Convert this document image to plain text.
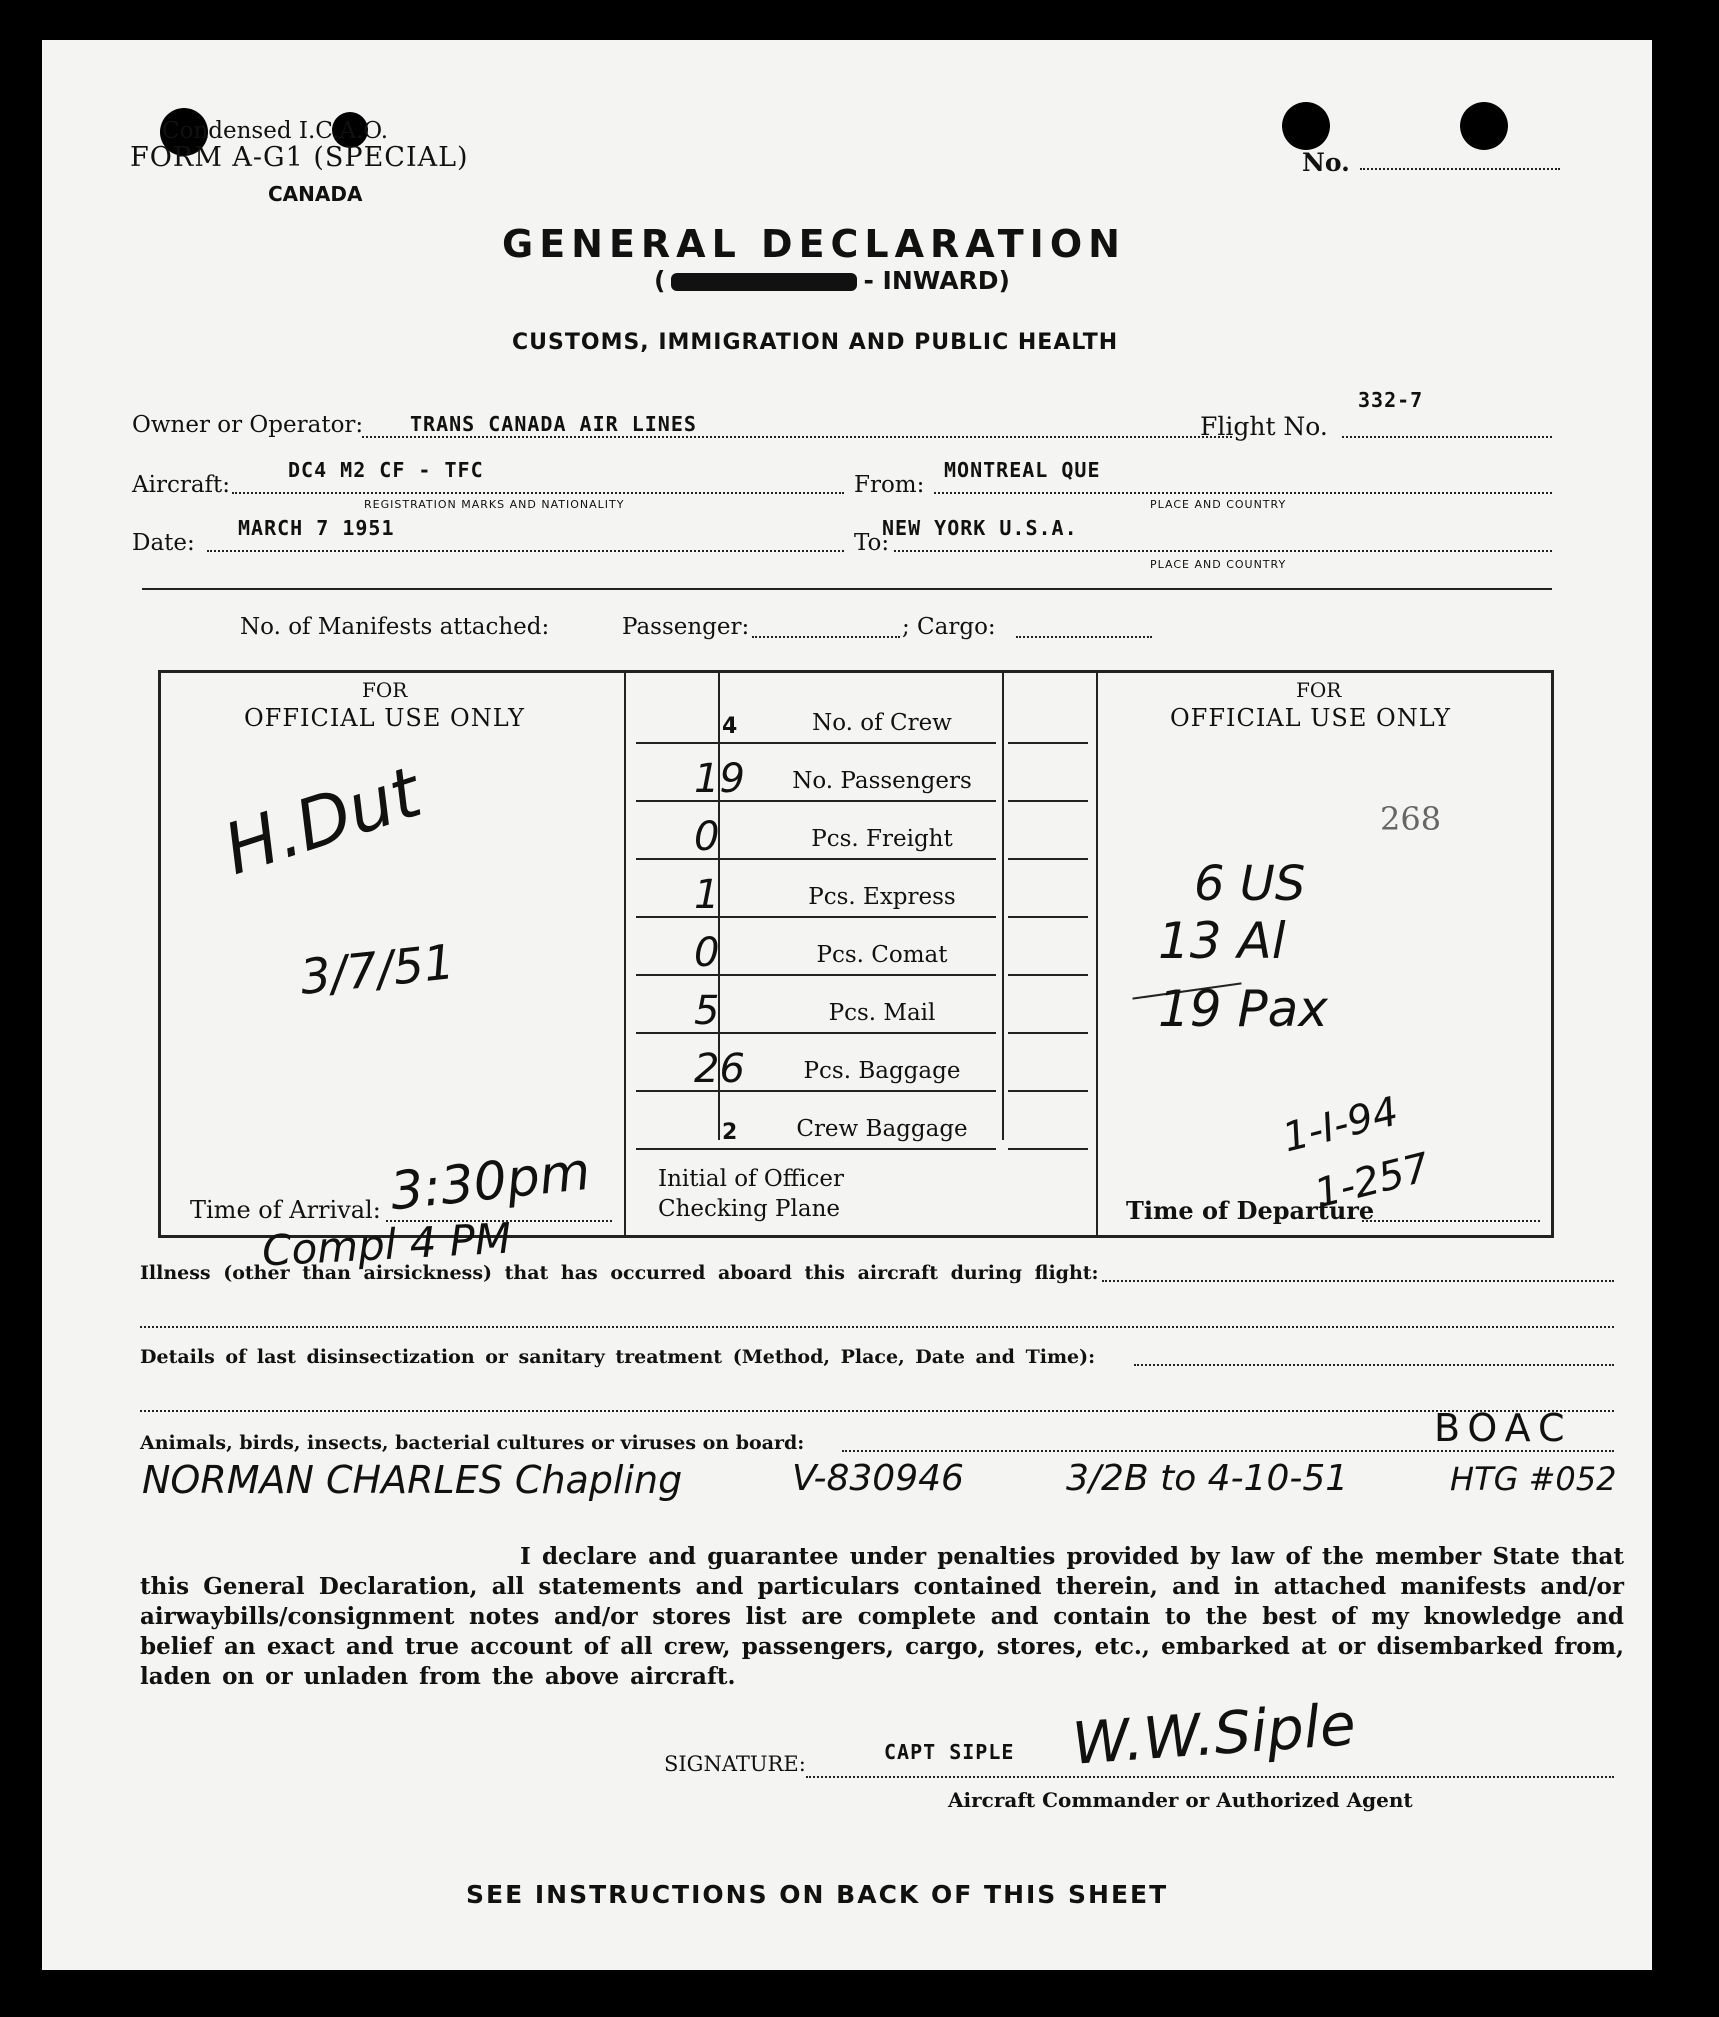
Condensed I.C.A.O.
FORM A-G1 (SPECIAL)
CANADA
No.
GENERAL DECLARATION
(	- INWARD)
CUSTOMS, IMMIGRATION AND PUBLIC HEALTH
Owner or Operator: TRANS CANADA AIR LINES	Flight No.
332-7
Aircraft:
DC4 M2 CF - TFC
REGISTRATION MARKS AND NATIONALITY
From:
MONTREAL QUE
PLACE AND COUNTRY
Date:
MARCH 7 1951
To:
NEW YORK U.S.A.
PLACE AND COUNTRY
No. of Manifests attached:	Passenger:	; Cargo:
FOR
OFFICIAL USE ONLY
H.Dut
3/7/51
Time of Arrival: 3:30pm
Compl 4 PM
4	No. of Crew
19	No. Passengers
0	Pcs. Freight
1	Pcs. Express
0	Pcs. Comat
5	Pcs. Mail
26	Pcs. Baggage
2	Crew Baggage
Initial of Officer
Checking Plane
FOR
OFFICIAL USE ONLY
268
6 US
13 Al
19 Pax
1-I-94
1-257
Time of Departure
Illness (other than airsickness) that has occurred aboard this aircraft during flight:
Details of last disinsectization or sanitary treatment (Method, Place, Date and Time):
Animals, birds, insects, bacterial cultures or viruses on board:	BOAC
NORMAN CHARLES Chapling	V-830946	3/2B to 4-10-51	HTG #052
I declare and guarantee under penalties provided by law of the member State that this General Declaration, all statements and particulars contained therein, and in attached manifests and/or airwaybills/consignment notes and/or stores list are complete and contain to the best of my knowledge and belief an exact and true account of all crew, passengers, cargo, stores, etc., embarked at or disembarked from, laden on or unladen from the above aircraft.
SIGNATURE:	CAPT SIPLE W.W.Siple
Aircraft Commander or Authorized Agent
SEE INSTRUCTIONS ON BACK OF THIS SHEET
